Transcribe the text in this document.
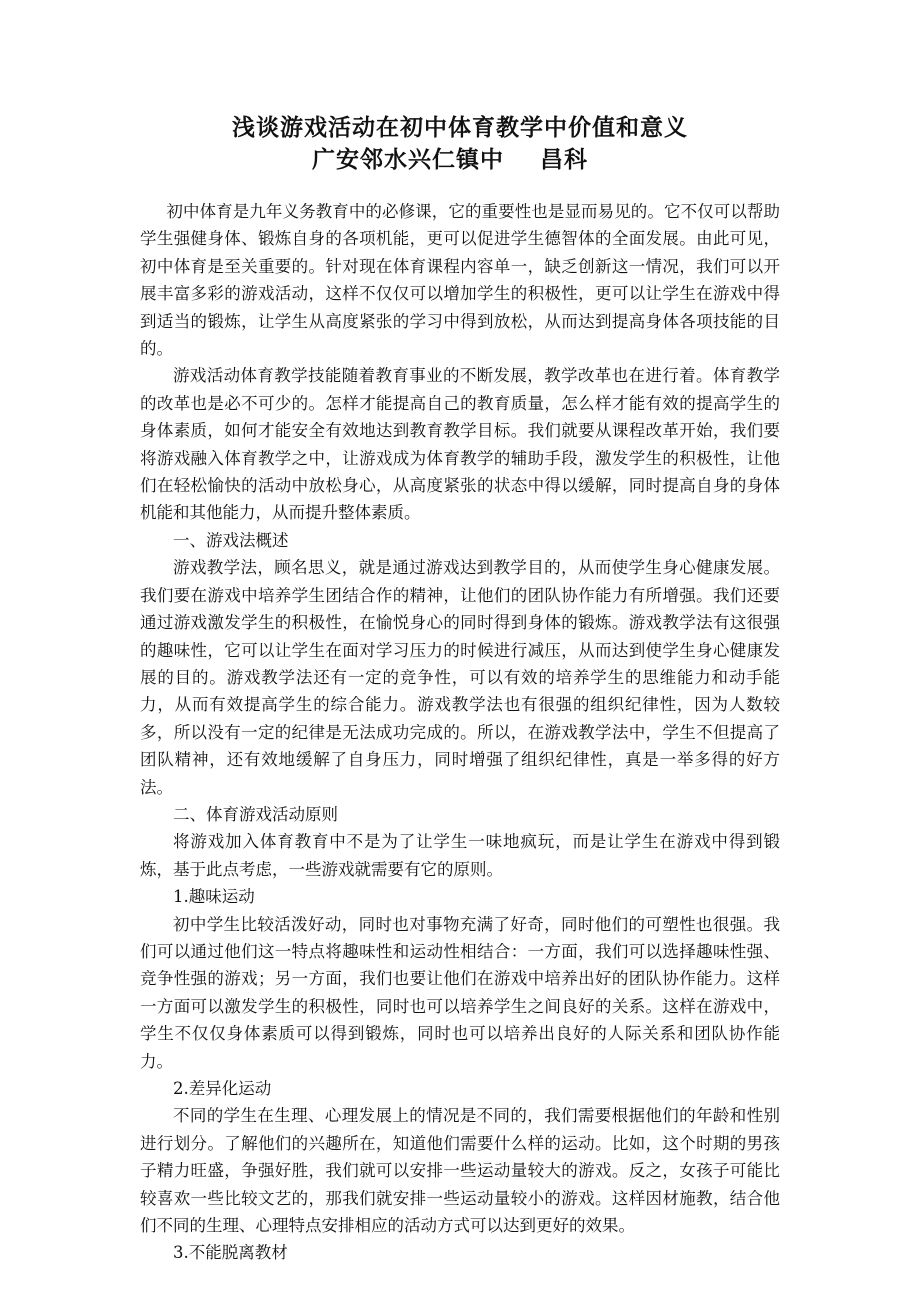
浅谈游戏活动在初中体育教学中价值和意义
广安邻水兴仁镇中 昌科

初中体育是九年义务教育中的必修课，它的重要性也是显而易见的。它不仅可以帮助学生强健身体、锻炼自身的各项机能，更可以促进学生德智体的全面发展。由此可见，初中体育是至关重要的。针对现在体育课程内容单一，缺乏创新这一情况，我们可以开展丰富多彩的游戏活动，这样不仅仅可以增加学生的积极性，更可以让学生在游戏中得到适当的锻炼，让学生从高度紧张的学习中得到放松，从而达到提高身体各项技能的目的。

游戏活动体育教学技能随着教育事业的不断发展，教学改革也在进行着。体育教学的改革也是必不可少的。怎样才能提高自己的教育质量，怎么样才能有效的提高学生的身体素质，如何才能安全有效地达到教育教学目标。我们就要从课程改革开始，我们要将游戏融入体育教学之中，让游戏成为体育教学的辅助手段，激发学生的积极性，让他们在轻松愉快的活动中放松身心，从高度紧张的状态中得以缓解，同时提高自身的身体机能和其他能力，从而提升整体素质。

一、游戏法概述

游戏教学法，顾名思义，就是通过游戏达到教学目的，从而使学生身心健康发展。我们要在游戏中培养学生团结合作的精神，让他们的团队协作能力有所增强。我们还要通过游戏激发学生的积极性，在愉悦身心的同时得到身体的锻炼。游戏教学法有这很强的趣味性，它可以让学生在面对学习压力的时候进行减压，从而达到使学生身心健康发展的目的。游戏教学法还有一定的竞争性，可以有效的培养学生的思维能力和动手能力，从而有效提高学生的综合能力。游戏教学法也有很强的组织纪律性，因为人数较多，所以没有一定的纪律是无法成功完成的。所以，在游戏教学法中，学生不但提高了团队精神，还有效地缓解了自身压力，同时增强了组织纪律性，真是一举多得的好方法。

二、体育游戏活动原则

将游戏加入体育教育中不是为了让学生一味地疯玩，而是让学生在游戏中得到锻炼，基于此点考虑，一些游戏就需要有它的原则。

1.趣味运动

初中学生比较活泼好动，同时也对事物充满了好奇，同时他们的可塑性也很强。我们可以通过他们这一特点将趣味性和运动性相结合：一方面，我们可以选择趣味性强、竞争性强的游戏；另一方面，我们也要让他们在游戏中培养出好的团队协作能力。这样一方面可以激发学生的积极性，同时也可以培养学生之间良好的关系。这样在游戏中，学生不仅仅身体素质可以得到锻炼，同时也可以培养出良好的人际关系和团队协作能力。

2.差异化运动

不同的学生在生理、心理发展上的情况是不同的，我们需要根据他们的年龄和性别进行划分。了解他们的兴趣所在，知道他们需要什么样的运动。比如，这个时期的男孩子精力旺盛，争强好胜，我们就可以安排一些运动量较大的游戏。反之，女孩子可能比较喜欢一些比较文艺的，那我们就安排一些运动量较小的游戏。这样因材施教，结合他们不同的生理、心理特点安排相应的活动方式可以达到更好的效果。

3.不能脱离教材
